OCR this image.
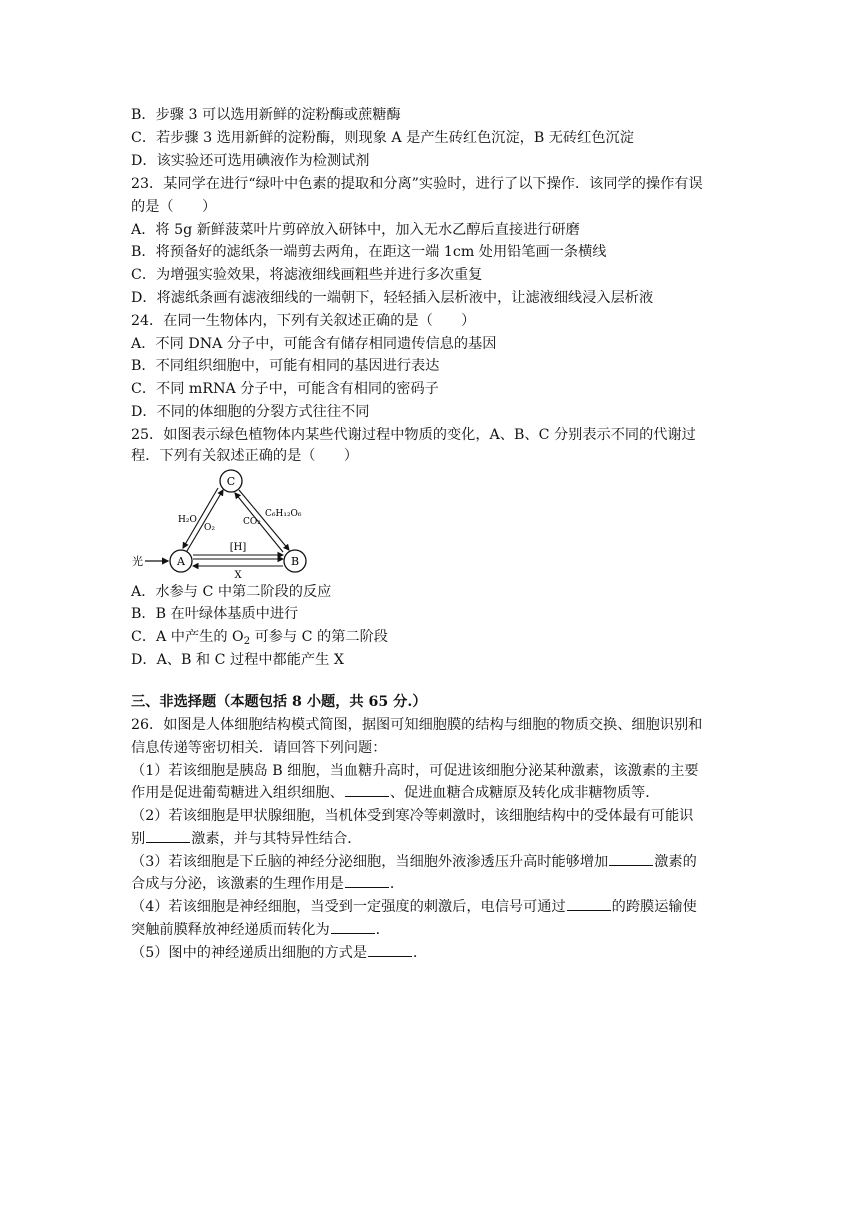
B．步骤 3 可以选用新鲜的淀粉酶或蔗糖酶
C．若步骤 3 选用新鲜的淀粉酶，则现象 A 是产生砖红色沉淀，B 无砖红色沉淀
D．该实验还可选用碘液作为检测试剂
23．某同学在进行“绿叶中色素的提取和分离”实验时，进行了以下操作．该同学的操作有误
的是（　　）
A．将 5g 新鲜菠菜叶片剪碎放入研钵中，加入无水乙醇后直接进行研磨
B．将预备好的滤纸条一端剪去两角，在距这一端 1cm 处用铅笔画一条横线
C．为增强实验效果，将滤液细线画粗些并进行多次重复
D．将滤纸条画有滤液细线的一端朝下，轻轻插入层析液中，让滤液细线浸入层析液
24．在同一生物体内，下列有关叙述正确的是（　　）
A．不同 DNA 分子中，可能含有储存相同遗传信息的基因
B．不同组织细胞中，可能有相同的基因进行表达
C．不同 mRNA 分子中，可能含有相同的密码子
D．不同的体细胞的分裂方式往往不同
25．如图表示绿色植物体内某些代谢过程中物质的变化，A、B、C 分别表示不同的代谢过
程．下列有关叙述正确的是（　　）
C
A	B
光
H₂O
O₂
CO₂
C₆H₁₂O₆
[H]
X
A．水参与 C 中第二阶段的反应
B．B 在叶绿体基质中进行
C．A 中产生的 $O_2$ 可参与 C 的第二阶段
D．A、B 和 C 过程中都能产生 X
三、非选择题（本题包括 8 小题，共 65 分.）
26．如图是人体细胞结构模式简图，据图可知细胞膜的结构与细胞的物质交换、细胞识别和
信息传递等密切相关．请回答下列问题：
（1）若该细胞是胰岛 B 细胞，当血糖升高时，可促进该细胞分泌某种激素，该激素的主要
作用是促进葡萄糖进入组织细胞、	、促进血糖合成糖原及转化成非糖物质等．
（2）若该细胞是甲状腺细胞，当机体受到寒冷等刺激时，该细胞结构中的受体最有可能识
别	激素，并与其特异性结合．
（3）若该细胞是下丘脑的神经分泌细胞，当细胞外液渗透压升高时能够增加	激素的
合成与分泌，该激素的生理作用是	．
（4）若该细胞是神经细胞，当受到一定强度的刺激后，电信号可通过	的跨膜运输使
突触前膜释放神经递质而转化为	．
（5）图中的神经递质出细胞的方式是	．
